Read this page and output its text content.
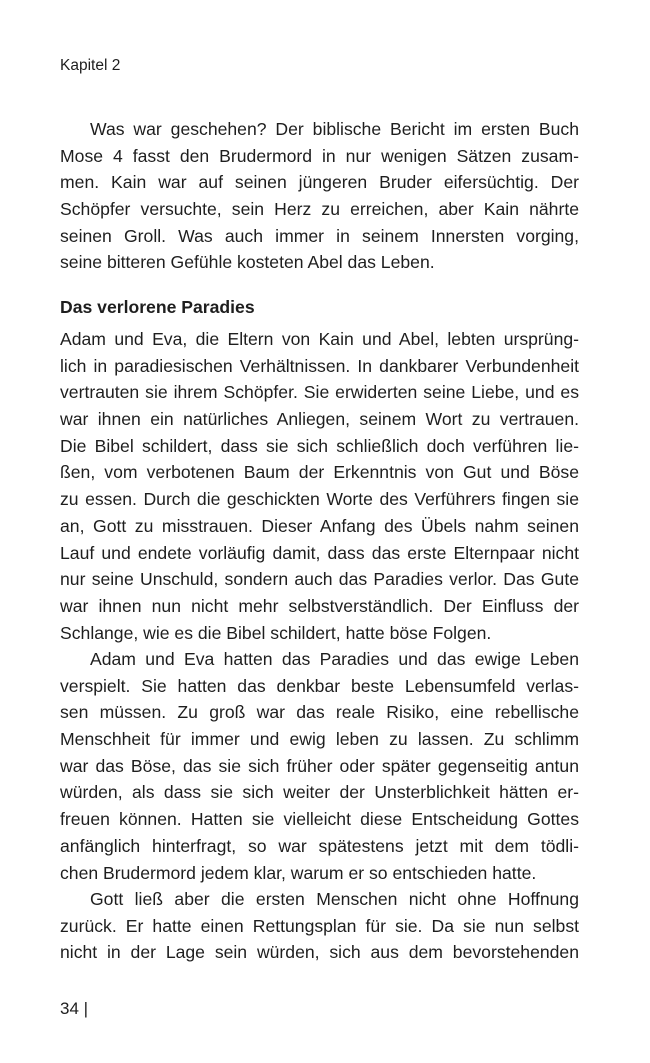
Kapitel 2
Was war geschehen? Der biblische Bericht im ersten Buch
Mose 4 fasst den Brudermord in nur wenigen Sätzen zusam-
men. Kain war auf seinen jüngeren Bruder eifersüchtig. Der
Schöpfer versuchte, sein Herz zu erreichen, aber Kain nährte
seinen Groll. Was auch immer in seinem Innersten vorging,
seine bitteren Gefühle kosteten Abel das Leben.
Das verlorene Paradies
Adam und Eva, die Eltern von Kain und Abel, lebten ursprüng-
lich in paradiesischen Verhältnissen. In dankbarer Verbundenheit
vertrauten sie ihrem Schöpfer. Sie erwiderten seine Liebe, und es
war ihnen ein natürliches Anliegen, seinem Wort zu vertrauen.
Die Bibel schildert, dass sie sich schließlich doch verführen lie-
ßen, vom verbotenen Baum der Erkenntnis von Gut und Böse
zu essen. Durch die geschickten Worte des Verführers fingen sie
an, Gott zu misstrauen. Dieser Anfang des Übels nahm seinen
Lauf und endete vorläufig damit, dass das erste Elternpaar nicht
nur seine Unschuld, sondern auch das Paradies verlor. Das Gute
war ihnen nun nicht mehr selbstverständlich. Der Einfluss der
Schlange, wie es die Bibel schildert, hatte böse Folgen.
Adam und Eva hatten das Paradies und das ewige Leben
verspielt. Sie hatten das denkbar beste Lebensumfeld verlas-
sen müssen. Zu groß war das reale Risiko, eine rebellische
Menschheit für immer und ewig leben zu lassen. Zu schlimm
war das Böse, das sie sich früher oder später gegenseitig antun
würden, als dass sie sich weiter der Unsterblichkeit hätten er-
freuen können. Hatten sie vielleicht diese Entscheidung Gottes
anfänglich hinterfragt, so war spätestens jetzt mit dem tödli-
chen Brudermord jedem klar, warum er so entschieden hatte.
Gott ließ aber die ersten Menschen nicht ohne Hoffnung
zurück. Er hatte einen Rettungsplan für sie. Da sie nun selbst
nicht in der Lage sein würden, sich aus dem bevorstehenden
34 |
